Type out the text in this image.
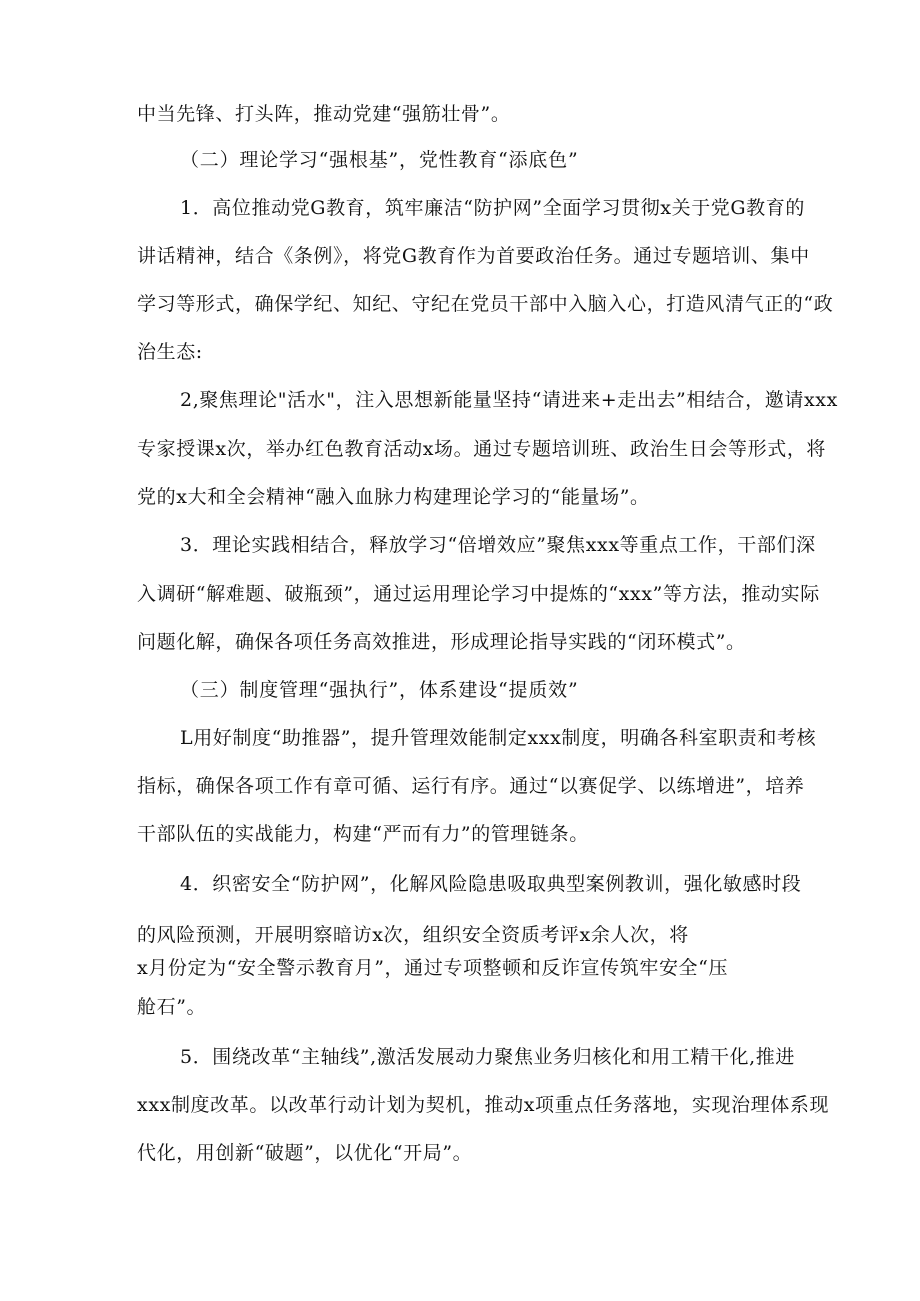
中当先锋、打头阵，推动党建“强筋壮骨”。
（二）理论学习“强根基”，党性教育“添底色”
1．高位推动党G教育，筑牢廉洁“防护网”全面学习贯彻x关于党G教育的
讲话精神，结合《条例》，将党G教育作为首要政治任务。通过专题培训、集中
学习等形式，确保学纪、知纪、守纪在党员干部中入脑入心，打造风清气正的“政
治生态:
2,聚焦理论"活水"，注入思想新能量坚持“请进来+走出去”相结合，邀请xxx
专家授课x次，举办红色教育活动x场。通过专题培训班、政治生日会等形式，将
党的x大和全会精神“融入血脉力构建理论学习的“能量场”。
3．理论实践相结合，释放学习“倍增效应”聚焦xxx等重点工作，干部们深
入调研“解难题、破瓶颈”，通过运用理论学习中提炼的“xxx”等方法，推动实际
问题化解，确保各项任务高效推进，形成理论指导实践的“闭环模式”。
（三）制度管理“强执行”，体系建设“提质效”
L用好制度“助推器”，提升管理效能制定xxx制度，明确各科室职责和考核
指标，确保各项工作有章可循、运行有序。通过“以赛促学、以练增进”，培养
干部队伍的实战能力，构建“严而有力”的管理链条。
4．织密安全“防护网”，化解风险隐患吸取典型案例教训，强化敏感时段
的风险预测，开展明察暗访x次，组织安全资质考评x余人次，将
x月份定为“安全警示教育月”，通过专项整顿和反诈宣传筑牢安全“压
舱石”。
5．围绕改革“主轴线”,激活发展动力聚焦业务归核化和用工精干化,推进
xxx制度改革。以改革行动计划为契机，推动x项重点任务落地，实现治理体系现
代化，用创新“破题”，以优化“开局”。
